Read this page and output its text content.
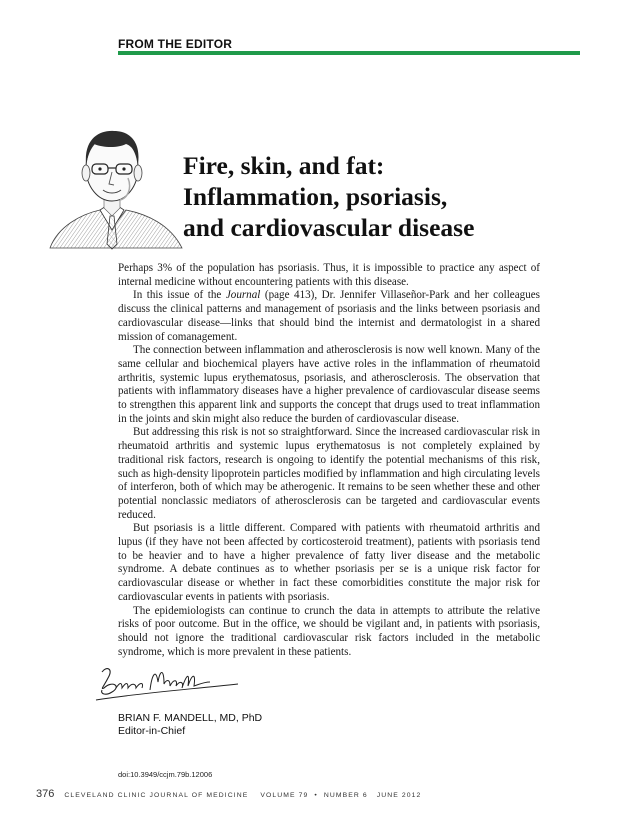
FROM THE EDITOR
Fire, skin, and fat:
Inflammation, psoriasis,
and cardiovascular disease

Perhaps 3% of the population has psoriasis. Thus, it is impossible to practice any aspect of internal medicine without encountering patients with this disease.

In this issue of the Journal (page 413), Dr. Jennifer Villaseñor-Park and her colleagues discuss the clinical patterns and management of psoriasis and the links between psoriasis and cardiovascular disease—links that should bind the internist and dermatologist in a shared mission of comanagement.

The connection between inflammation and atherosclerosis is now well known. Many of the same cellular and biochemical players have active roles in the inflammation of rheumatoid arthritis, systemic lupus erythematosus, psoriasis, and atherosclerosis. The observation that patients with inflammatory diseases have a higher prevalence of cardiovascular disease seems to strengthen this apparent link and supports the concept that drugs used to treat inflammation in the joints and skin might also reduce the burden of cardiovascular disease.

But addressing this risk is not so straightforward. Since the increased cardiovascular risk in rheumatoid arthritis and systemic lupus erythematosus is not completely explained by traditional risk factors, research is ongoing to identify the potential mechanisms of this risk, such as high-density lipoprotein particles modified by inflammation and high circulating levels of interferon, both of which may be atherogenic. It remains to be seen whether these and other potential nonclassic mediators of atherosclerosis can be targeted and cardiovascular events reduced.

But psoriasis is a little different. Compared with patients with rheumatoid arthritis and lupus (if they have not been affected by corticosteroid treatment), patients with psoriasis tend to be heavier and to have a higher prevalence of fatty liver disease and the metabolic syndrome. A debate continues as to whether psoriasis per se is a unique risk factor for cardiovascular disease or whether in fact these comorbidities constitute the major risk for cardiovascular events in patients with psoriasis.

The epidemiologists can continue to crunch the data in attempts to attribute the relative risks of poor outcome. But in the office, we should be vigilant and, in patients with psoriasis, should not ignore the traditional cardiovascular risk factors included in the metabolic syndrome, which is more prevalent in these patients.

BRIAN F. MANDELL, MD, PhD
Editor-in-Chief
doi:10.3949/ccjm.79b.12006
376 CLEVELAND CLINIC JOURNAL OF MEDICINE VOLUME 79 • NUMBER 6 JUNE 2012
